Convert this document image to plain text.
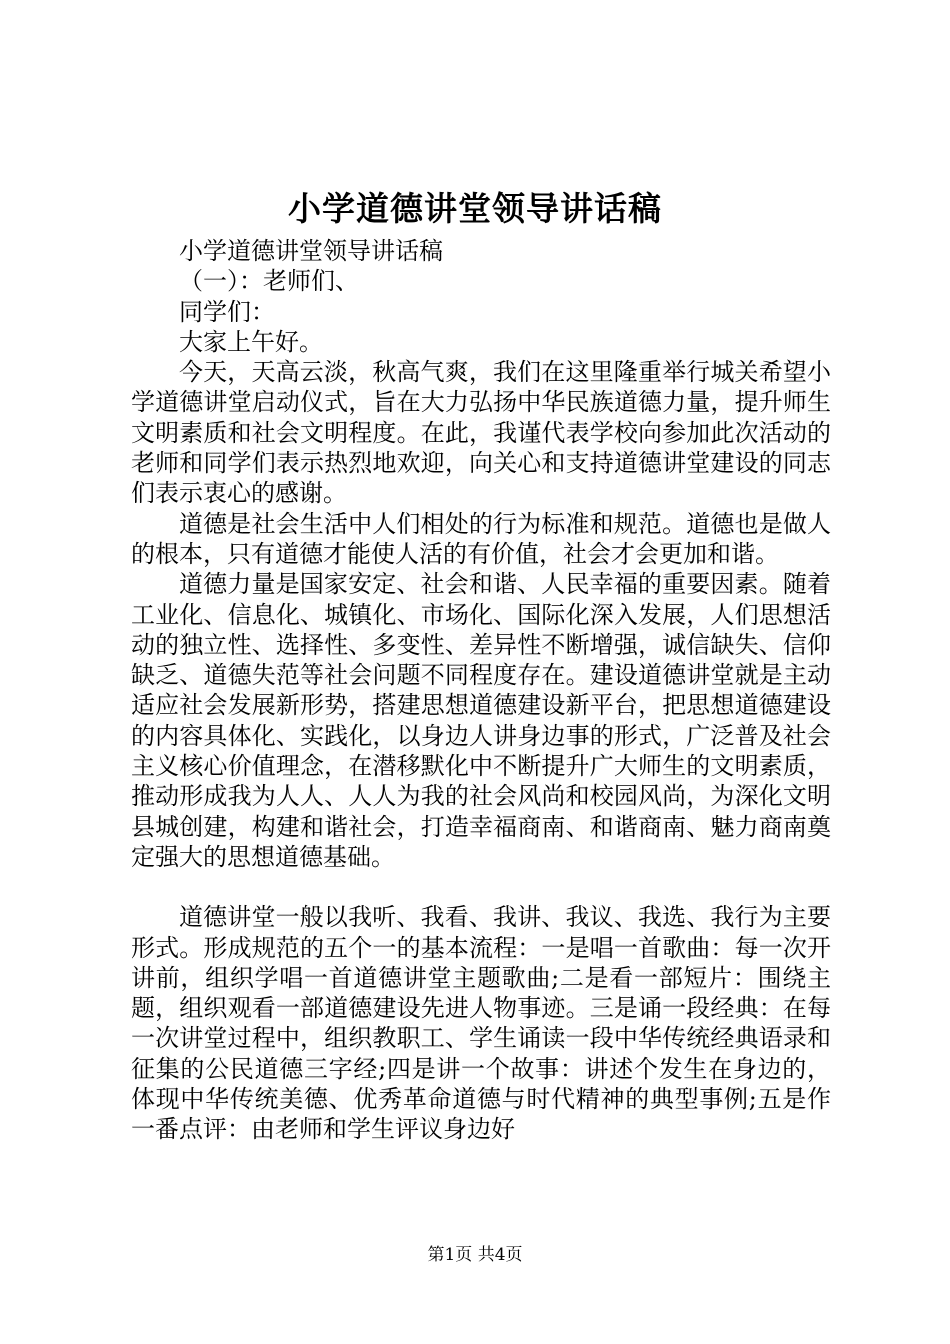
小学道德讲堂领导讲话稿

小学道德讲堂领导讲话稿

（一）：老师们、

同学们：

大家上午好。

今天，天高云淡，秋高气爽，我们在这里隆重举行城关希望小学道德讲堂启动仪式，旨在大力弘扬中华民族道德力量，提升师生文明素质和社会文明程度。在此，我谨代表学校向参加此次活动的老师和同学们表示热烈地欢迎，向关心和支持道德讲堂建设的同志们表示衷心的感谢。

道德是社会生活中人们相处的行为标准和规范。道德也是做人的根本，只有道德才能使人活的有价值，社会才会更加和谐。

道德力量是国家安定、社会和谐、人民幸福的重要因素。随着工业化、信息化、城镇化、市场化、国际化深入发展，人们思想活动的独立性、选择性、多变性、差异性不断增强，诚信缺失、信仰缺乏、道德失范等社会问题不同程度存在。建设道德讲堂就是主动适应社会发展新形势，搭建思想道德建设新平台，把思想道德建设的内容具体化、实践化，以身边人讲身边事的形式，广泛普及社会主义核心价值理念，在潜移默化中不断提升广大师生的文明素质，推动形成我为人人、人人为我的社会风尚和校园风尚，为深化文明县城创建，构建和谐社会，打造幸福商南、和谐商南、魅力商南奠定强大的思想道德基础。

道德讲堂一般以我听、我看、我讲、我议、我选、我行为主要形式。形成规范的五个一的基本流程：一是唱一首歌曲：每一次开讲前，组织学唱一首道德讲堂主题歌曲;二是看一部短片：围绕主题，组织观看一部道德建设先进人物事迹。三是诵一段经典：在每一次讲堂过程中，组织教职工、学生诵读一段中华传统经典语录和征集的公民道德三字经;四是讲一个故事：讲述个发生在身边的，体现中华传统美德、优秀革命道德与时代精神的典型事例;五是作一番点评：由老师和学生评议身边好

第1页 共4页
